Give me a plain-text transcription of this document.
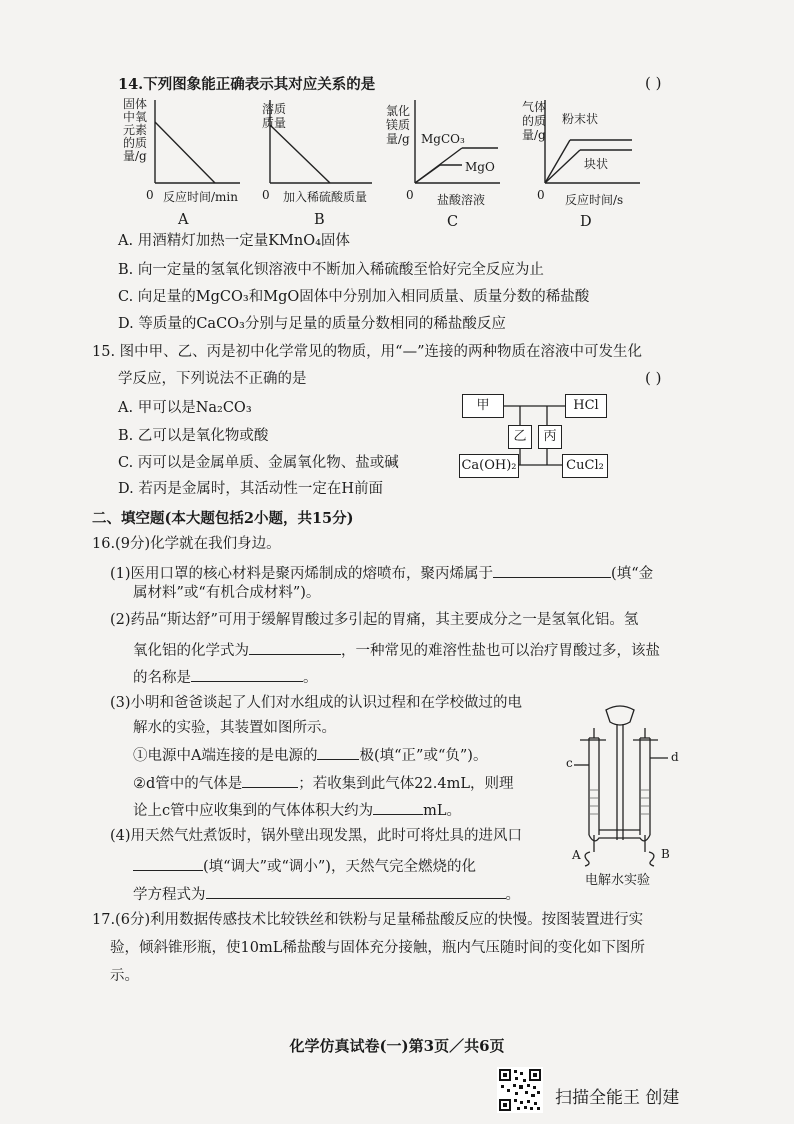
14.下列图象能正确表示其对应关系的是	( )
固体
中氧
元素
的质
量/g
0 反应时间/min
A
溶质
质量
0 加入稀硫酸质量
B
氯化
镁质
量/g MgCO₃
MgO
0 盐酸溶液
C
气体
的质
量/g
粉末状
块状
0 反应时间/s
D
A. 用酒精灯加热一定量KMnO₄固体
B. 向一定量的氢氧化钡溶液中不断加入稀硫酸至恰好完全反应为止
C. 向足量的MgCO₃和MgO固体中分别加入相同质量、质量分数的稀盐酸
D. 等质量的CaCO₃分别与足量的质量分数相同的稀盐酸反应
15. 图中甲、乙、丙是初中化学常见的物质，用“—”连接的两种物质在溶液中可发生化
学反应，下列说法不正确的是	( )
A. 甲可以是Na₂CO₃
B. 乙可以是氧化物或酸
C. 丙可以是金属单质、金属氧化物、盐或碱
D. 若丙是金属时，其活动性一定在H前面
甲	HCl
乙	丙
Ca(OH)₂	CuCl₂
二、填空题(本大题包括2小题，共15分)
16.(9分)化学就在我们身边。
(1)医用口罩的核心材料是聚丙烯制成的熔喷布，聚丙烯属于	(填“金
属材料”或“有机合成材料”)。
(2)药品“斯达舒”可用于缓解胃酸过多引起的胃痛，其主要成分之一是氢氧化铝。氢
氧化铝的化学式为	，一种常见的难溶性盐也可以治疗胃酸过多，该盐
的名称是	。
(3)小明和爸爸谈起了人们对水组成的认识过程和在学校做过的电
解水的实验，其装置如图所示。
①电源中A端连接的是电源的	极(填“正”或“负”)。
②d管中的气体是	；若收集到此气体22.4mL，则理
论上c管中应收集到的气体体积大约为	mL。
(4)用天然气灶煮饭时，锅外壁出现发黑，此时可将灶具的进风口
(填“调大”或“调小”)，天然气完全燃烧的化
学方程式为	。
c	d
A	B
电解水实验
17.(6分)利用数据传感技术比较铁丝和铁粉与足量稀盐酸反应的快慢。按图装置进行实
验，倾斜锥形瓶，使10mL稀盐酸与固体充分接触，瓶内气压随时间的变化如下图所
示。
化学仿真试卷(一)第3页／共6页
扫描全能王 创建
